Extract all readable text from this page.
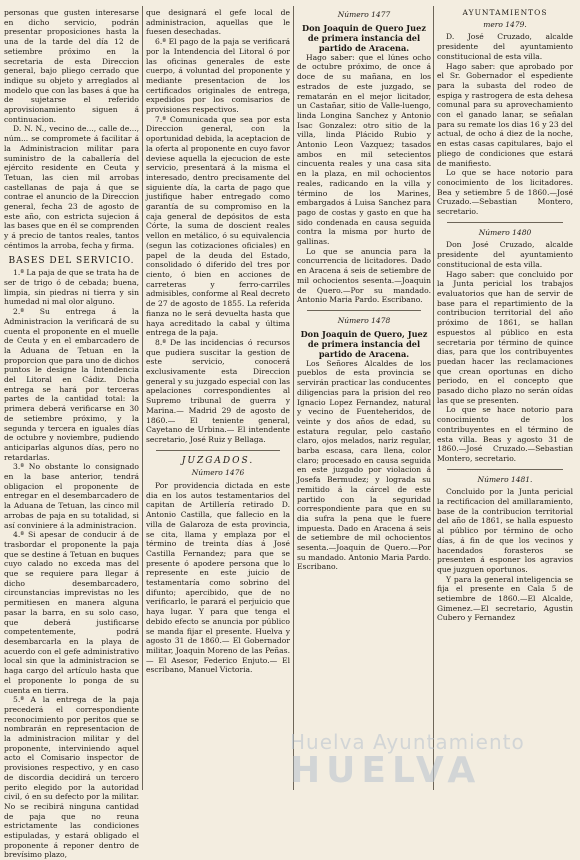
personas que gusten interesarse en dicho servicio, podrán presentar proposiciones hasta la una de la tarde del día 12 de setiembre próximo en la secretaria de esta Direccion general, bajo pliego cerrado que indique su objeto y arreglados al modelo que con las bases á que ha de sujetarse el referido aprovisionamiento siguen á continuacion.

D. N. N., vecino de..., calle de..., núm... se compromete á facilitar á la Administracion militar para suministro de la caballería del ejército residente en Ceuta y Tetuan, las cien mil arrobas castellanas de paja á que se contrae el anuncio de la Direccion general, fecha 23 de agosto de este año, con estricta sujecion á las bases que en él se comprenden y á precio de tantos reales, tantos céntimos la arroba, fecha y firma.

BASES DEL SERVICIO.

1.ª La paja de que se trata ha de ser de trigo ó de cebada; buena, limpia, sin piedras ni tierra y sin humedad ni mal olor alguno.

2.ª Su entrega á la Administracion la verificará de su cuenta el proponente en el muelle de Ceuta y en el embarcadero de la Aduana de Tetuan en la proporcion que para uno de dichos puntos le designe la Intendencia del Litoral en Cádiz. Dicha entrega se hará por terceras partes de la cantidad total: la primera deberá verificarse en 30 de setiembre próximo, y la segunda y tercera en iguales días de octubre y noviembre, pudiendo anticiparlas algunos días, pero no retardarlas.

3.ª No obstante lo consignado en la base anterior, tendrá obligacion el proponente de entregar en el desembarcadero de la Aduana de Tetuan, las cinco mil arrobas de paja en su totalidad, si así conviniere á la administracion.

4.ª Si apesar de conducir á de trasbordar el proponente la paja que se destine á Tetuan en buques cuyo calado no exceda mas del que se requiere para llegar á dicho desembarcadero, circunstancias imprevistas no les permitiesen en manera alguna pasar la barra, en su solo caso, que deberá justificarse competentemente, podrá desembarcarla en la playa de acuerdo con el gefe administrativo local sin que la administracion se haga cargo del artículo hasta que el proponente lo ponga de su cuenta en tierra.

5.ª A la entrega de la paja precederá el correspondiente reconocimiento por peritos que se nombrarán en representacion de la administracion militar y del proponente, interviniendo aquel acto el Comisario inspector de provisiones respectivo, y en caso de discordia decidirá un tercero perito elegido por la autoridad civil, ó en su defecto por la militar. No se recibirá ninguna cantidad de paja que no reuna estrictamente las condiciones estipuladas, y estará obligado el proponente á reponer dentro de brevísimo plazo,

que designará el gefe local de administracion, aquellas que le fuesen desechadas.

6.ª El pago de la paja se verificará por la Intendencia del Litoral ó por las oficinas generales de este cuerpo, á voluntad del proponente y mediante presentacion de los certificados originales de entrega, expedidos por los comisarios de provisiones respectivos.

7.ª Comunicada que sea por esta Direccion general, con la oportunidad debida, la aceptacion de la oferta al proponente en cuyo favor deviese aquella la ejecucion de este servicio, presentará á la misma el interesado, dentro precisamente del siguiente día, la carta de pago que justifique haber entregado como garantía de su compromiso en la caja general de depósitos de esta Córte, la suma de doscient reales vellon en metálico, ó su equivalencia (segun las cotizaciones oficiales) en papel de la deuda del Estado, consolidado ó diferido del tres por ciento, ó bien en acciones de carreteras y ferro-carriles admisibles, conforme al Real decreto de 27 de agosto de 1855. La referida fianza no le será devuelta hasta que haya acreditado la cabal y última entrega de la paja.

8.ª De las incidencias ó recursos que pudiera suscitar la gestion de este servicio, conocerá exclusivamente esta Direccion general y su juzgado especial con las apelaciones correspondientes al Supremo tribunal de guerra y Marina.— Madrid 29 de agosto de 1860.— El teniente general, Cayetano de Urbina.— El intendente secretario, José Ruiz y Bellaga.

JUZGADOS.
Número 1476

Por providencia dictada en este dia en los autos testamentarios del capitan de Artillería retirado D. Antonio Castilla, que fallecio en la villa de Galaroza de esta provincia, se cita, llama y emplaza por el término de treinta días á José Castilla Fernandez; para que se presente ó apodere persona que lo represente en este juicio de testamentaría como sobrino del difunto; apercibido, que de no verificarlo, le parará el perjuicio que haya lugar. Y para que tenga el debido efecto se anuncia por público se manda fijar el presente. Huelva y agosto 31 de 1860.— El Gobernador militar, Joaquin Moreno de las Peñas.— El Asesor, Federico Enjuto.— El escribano, Manuel Victoria.

Número 1477

Don Joaquin de Quero Juez de primera instancia del partido de Aracena.

Hago saber: que el lúnes ocho de octubre próximo, de once á doce de su mañana, en los estrados de este juzgado, se rematarán en el mejor licitador, un Castañar, sitio de Valle-luengo, linda Longina Sanchez y Antonio Isac Gonzalez: otro sitio de la villa, linda Plácido Rubio y Antonio Leon Vazquez; tasados ambos en mil setecientos cincuenta reales y una casa sita en la plaza, en mil ochocientos reales, radicando en la villa y término de los Marines, embargados á Luisa Sanchez para pago de costas y gasto en que ha sido condenada en causa seguida contra la misma por hurto de gallinas.

Lo que se anuncia para la concurrencia de licitadores. Dado en Aracena á seis de setiembre de mil ochocientos sesenta.—Joaquin de Quero.—Por su mandado. Antonio Maria Pardo. Escribano.

Número 1478

Don Joaquin de Quero, Juez de primera instancia del partido de Aracena.

Los Señores Alcaldes de los pueblos de esta provincia se servirán practicar las conducentes diligencias para la prision del reo Ignacio Lopez Fernandez, natural y vecino de Fuenteheridos, de veinte y dos años de edad, su estatura regular, pelo castaño claro, ojos melados, nariz regular, barba escasa, cara llena, color claro; procesado en causa seguida en este juzgado por violacion á Josefa Bermudez; y lograda su remitido á la cárcel de este partido con la seguridad correspondiente para que en su dia sufra la pena que le fuere impuesta. Dado en Aracena á seis de setiembre de mil ochocientos sesenta.—Joaquin de Quero.—Por su mandado. Antonio Maria Pardo. Escribano.

AYUNTAMIENTOS
mero 1479.

D. José Cruzado, alcalde presidente del ayuntamiento constitucional de esta villa.

Hago saber: que aprobado por el Sr. Gobernador el espediente para la subasta del rodeo de espiga y rastrogera de esta dehesa comunal para su aprovechamiento con el ganado lanar, se señalan para su remate los dias 16 y 23 del actual, de ocho á diez de la noche, en estas casas capitulares, bajo el pliego de condiciones que estará de manifiesto.

Lo que se hace notorio para conocimiento de los licitadores. Bea y setiembre 5 de 1860.—José Cruzado.—Sebastian Montero, secretario.

Número 1480

Don José Cruzado, alcalde presidente del ayuntamiento constitucional de esta villa.

Hago saber: que concluido por la Junta pericial los trabajos evaluatorios que han de servir de base para el repartimiento de la contribucion territorial del año próximo de 1861, se hallan espuestos al público en esta secretaria por término de quince dias, para que los contribuyentes puedan hacer las reclamaciones que crean oportunas en dicho periodo, en el concepto que pasado dicho plazo no serán oídas las que se presenten.

Lo que se hace notorio para conocimiento de los contribuyentes en el término de esta villa. Beas y agosto 31 de 1860.—José Cruzado.—Sebastian Montero, secretario.

Número 1481.

Concluido por la Junta pericial la rectificacion del amillaramiento, base de la contribucion territorial del año de 1861, se halla espuesto al público por término de ocho días, á fin de que los vecinos y hacendados forasteros se presenten á esponer los agravios que juzguen oportunos.

Y para la general inteligencia se fija el presente en Cala 5 de setiembre de 1860.—El Alcalde, Gimenez.—El secretario, Agustin Cubero y Fernandez

Huelva Ayuntamiento
HUELVA
